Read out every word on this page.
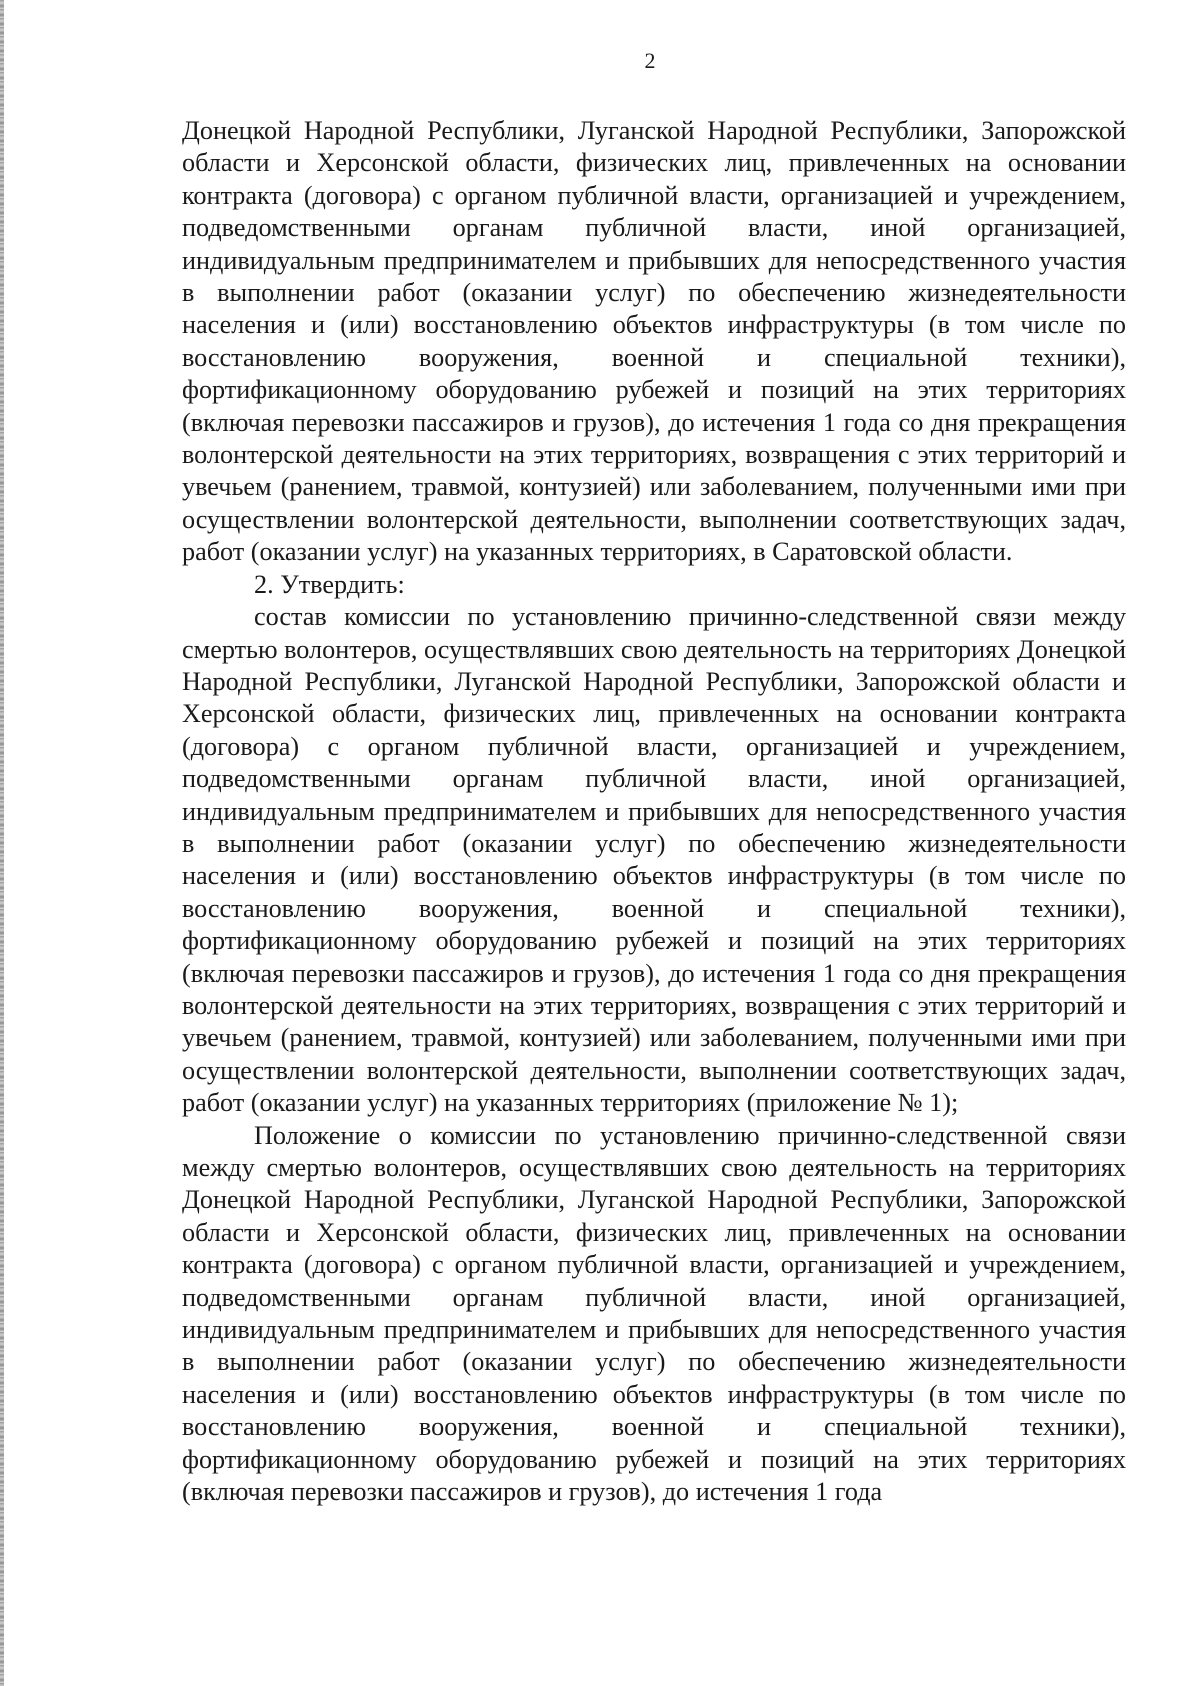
2

Донецкой Народной Республики, Луганской Народной Республики, Запорожской области и Херсонской области, физических лиц, привлеченных на основании контракта (договора) с органом публичной власти, организацией и учреждением, подведомственными органам публичной власти, иной организацией, индивидуальным предпринимателем и прибывших для непосредственного участия в выполнении работ (оказании услуг) по обеспечению жизнедеятельности населения и (или) восстановлению объектов инфраструктуры (в том числе по восстановлению вооружения, военной и специальной техники), фортификационному оборудованию рубежей и позиций на этих территориях (включая перевозки пассажиров и грузов), до истечения 1 года со дня прекращения волонтерской деятельности на этих территориях, возвращения с этих территорий и увечьем (ранением, травмой, контузией) или заболеванием, полученными ими при осуществлении волонтерской деятельности, выполнении соответствующих задач, работ (оказании услуг) на указанных территориях, в Саратовской области.

2. Утвердить:

состав комиссии по установлению причинно-следственной связи между смертью волонтеров, осуществлявших свою деятельность на территориях Донецкой Народной Республики, Луганской Народной Республики, Запорожской области и Херсонской области, физических лиц, привлеченных на основании контракта (договора) с органом публичной власти, организацией и учреждением, подведомственными органам публичной власти, иной организацией, индивидуальным предпринимателем и прибывших для непосредственного участия в выполнении работ (оказании услуг) по обеспечению жизнедеятельности населения и (или) восстановлению объектов инфраструктуры (в том числе по восстановлению вооружения, военной и специальной техники), фортификационному оборудованию рубежей и позиций на этих территориях (включая перевозки пассажиров и грузов), до истечения 1 года со дня прекращения волонтерской деятельности на этих территориях, возвращения с этих территорий и увечьем (ранением, травмой, контузией) или заболеванием, полученными ими при осуществлении волонтерской деятельности, выполнении соответствующих задач, работ (оказании услуг) на указанных территориях (приложение № 1);

Положение о комиссии по установлению причинно-следственной связи между смертью волонтеров, осуществлявших свою деятельность на территориях Донецкой Народной Республики, Луганской Народной Республики, Запорожской области и Херсонской области, физических лиц, привлеченных на основании контракта (договора) с органом публичной власти, организацией и учреждением, подведомственными органам публичной власти, иной организацией, индивидуальным предпринимателем и прибывших для непосредственного участия в выполнении работ (оказании услуг) по обеспечению жизнедеятельности населения и (или) восстановлению объектов инфраструктуры (в том числе по восстановлению вооружения, военной и специальной техники), фортификационному оборудованию рубежей и позиций на этих территориях (включая перевозки пассажиров и грузов), до истечения 1 года
